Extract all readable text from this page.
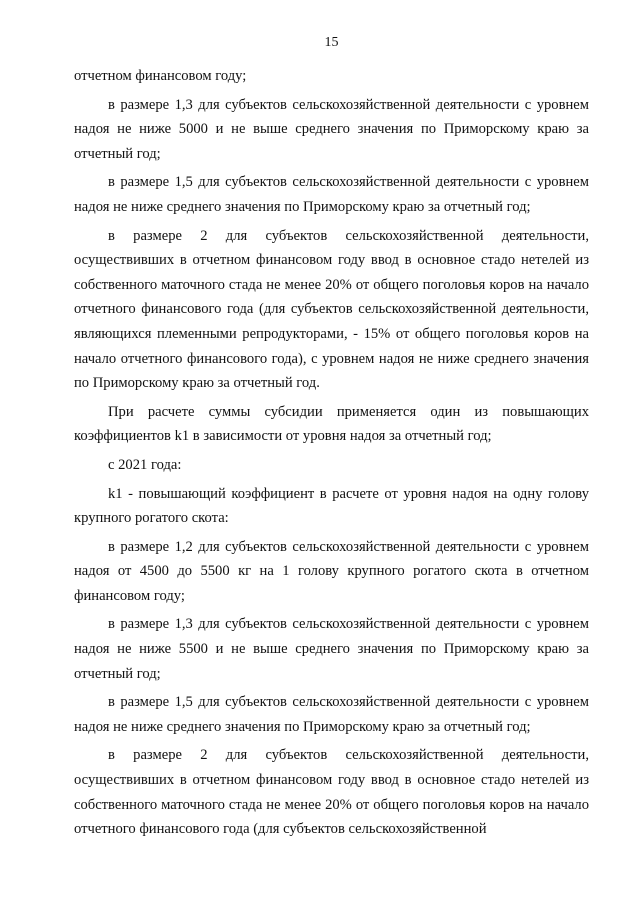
15

отчетном финансовом году;

в размере 1,3 для субъектов сельскохозяйственной деятельности с уровнем надоя не ниже 5000 и не выше среднего значения по Приморскому краю за отчетный год;

в размере 1,5 для субъектов сельскохозяйственной деятельности с уровнем надоя не ниже среднего значения по Приморскому краю за отчетный год;

в размере 2 для субъектов сельскохозяйственной деятельности, осуществивших в отчетном финансовом году ввод в основное стадо нетелей из собственного маточного стада не менее 20% от общего поголовья коров на начало отчетного финансового года (для субъектов сельскохозяйственной деятельности, являющихся племенными репродукторами, - 15% от общего поголовья коров на начало отчетного финансового года), с уровнем надоя не ниже среднего значения по Приморскому краю за отчетный год.

При расчете суммы субсидии применяется один из повышающих коэффициентов k1 в зависимости от уровня надоя за отчетный год;

с 2021 года:

k1 - повышающий коэффициент в расчете от уровня надоя на одну голову крупного рогатого скота:

в размере 1,2 для субъектов сельскохозяйственной деятельности с уровнем надоя от 4500 до 5500 кг на 1 голову крупного рогатого скота в отчетном финансовом году;

в размере 1,3 для субъектов сельскохозяйственной деятельности с уровнем надоя не ниже 5500 и не выше среднего значения по Приморскому краю за отчетный год;

в размере 1,5 для субъектов сельскохозяйственной деятельности с уровнем надоя не ниже среднего значения по Приморскому краю за отчетный год;

в размере 2 для субъектов сельскохозяйственной деятельности, осуществивших в отчетном финансовом году ввод в основное стадо нетелей из собственного маточного стада не менее 20% от общего поголовья коров на начало отчетного финансового года (для субъектов сельскохозяйственной
